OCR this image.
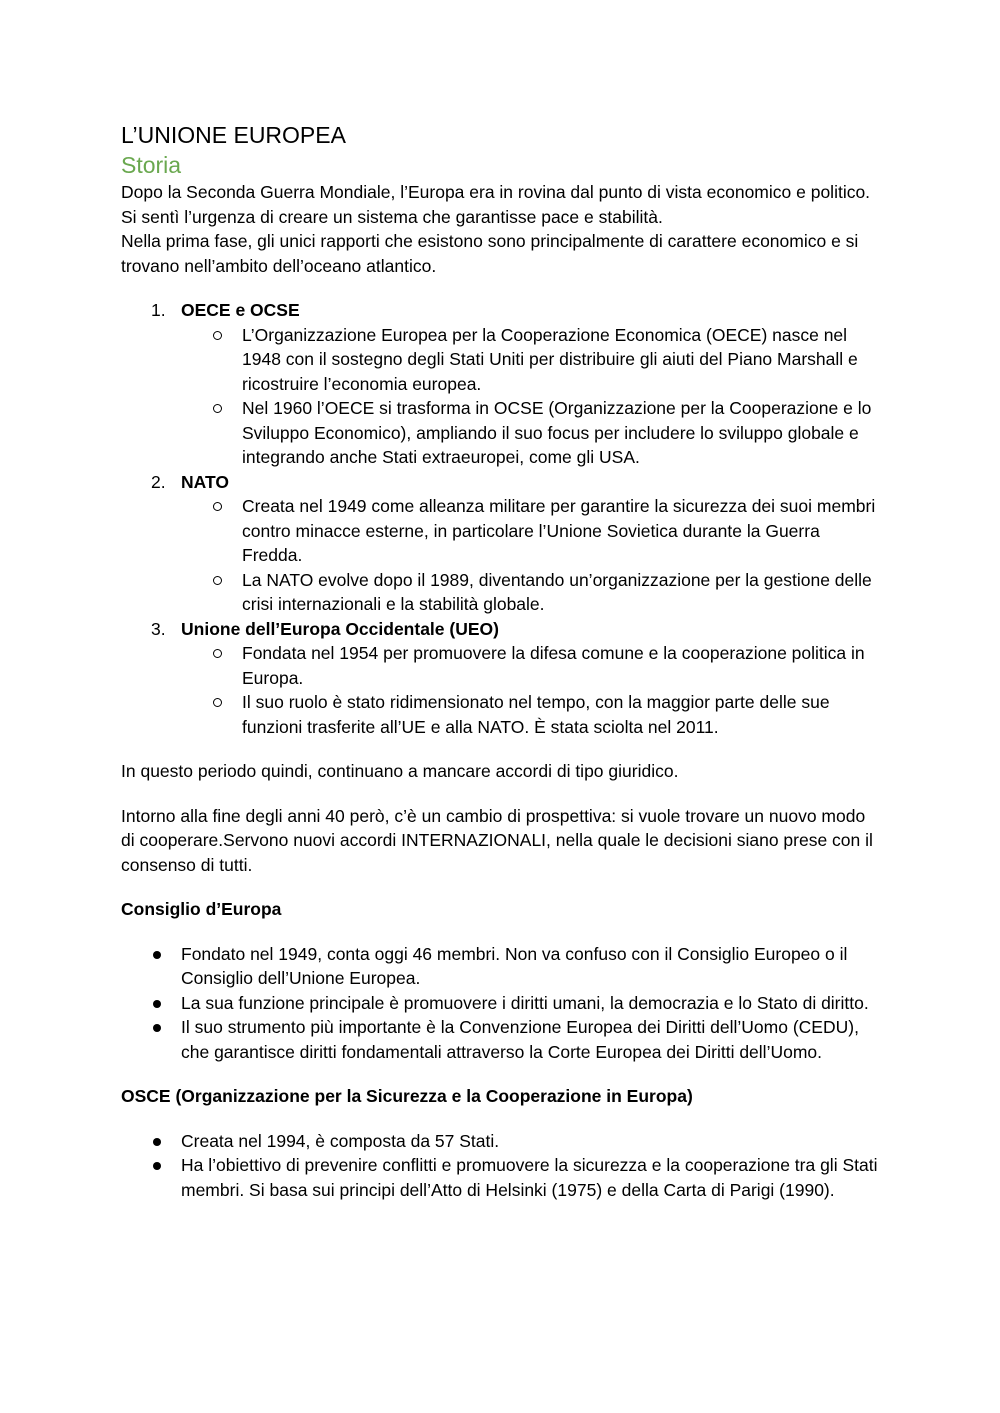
L’UNIONE EUROPEA
Storia

Dopo la Seconda Guerra Mondiale, l’Europa era in rovina dal punto di vista economico e politico. Si sentì l’urgenza di creare un sistema che garantisse pace e stabilità.

Nella prima fase, gli unici rapporti che esistono sono principalmente di carattere economico e si trovano nell’ambito dell’oceano atlantico.

1. OECE e OCSE
L’Organizzazione Europea per la Cooperazione Economica (OECE) nasce nel 1948 con il sostegno degli Stati Uniti per distribuire gli aiuti del Piano Marshall e ricostruire l’economia europea.
Nel 1960 l’OECE si trasforma in OCSE (Organizzazione per la Cooperazione e lo Sviluppo Economico), ampliando il suo focus per includere lo sviluppo globale e integrando anche Stati extraeuropei, come gli USA.
2. NATO
Creata nel 1949 come alleanza militare per garantire la sicurezza dei suoi membri contro minacce esterne, in particolare l’Unione Sovietica durante la Guerra Fredda.
La NATO evolve dopo il 1989, diventando un’organizzazione per la gestione delle crisi internazionali e la stabilità globale.
3. Unione dell’Europa Occidentale (UEO)
Fondata nel 1954 per promuovere la difesa comune e la cooperazione politica in Europa.
Il suo ruolo è stato ridimensionato nel tempo, con la maggior parte delle sue funzioni trasferite all’UE e alla NATO. È stata sciolta nel 2011.

In questo periodo quindi, continuano a mancare accordi di tipo giuridico.

Intorno alla fine degli anni 40 però, c’è un cambio di prospettiva: si vuole trovare un nuovo modo di cooperare.Servono nuovi accordi INTERNAZIONALI, nella quale le decisioni siano prese con il consenso di tutti.

Consiglio d’Europa

Fondato nel 1949, conta oggi 46 membri. Non va confuso con il Consiglio Europeo o il Consiglio dell’Unione Europea.
La sua funzione principale è promuovere i diritti umani, la democrazia e lo Stato di diritto.
Il suo strumento più importante è la Convenzione Europea dei Diritti dell’Uomo (CEDU), che garantisce diritti fondamentali attraverso la Corte Europea dei Diritti dell’Uomo.

OSCE (Organizzazione per la Sicurezza e la Cooperazione in Europa)

Creata nel 1994, è composta da 57 Stati.
Ha l’obiettivo di prevenire conflitti e promuovere la sicurezza e la cooperazione tra gli Stati membri. Si basa sui principi dell’Atto di Helsinki (1975) e della Carta di Parigi (1990).
